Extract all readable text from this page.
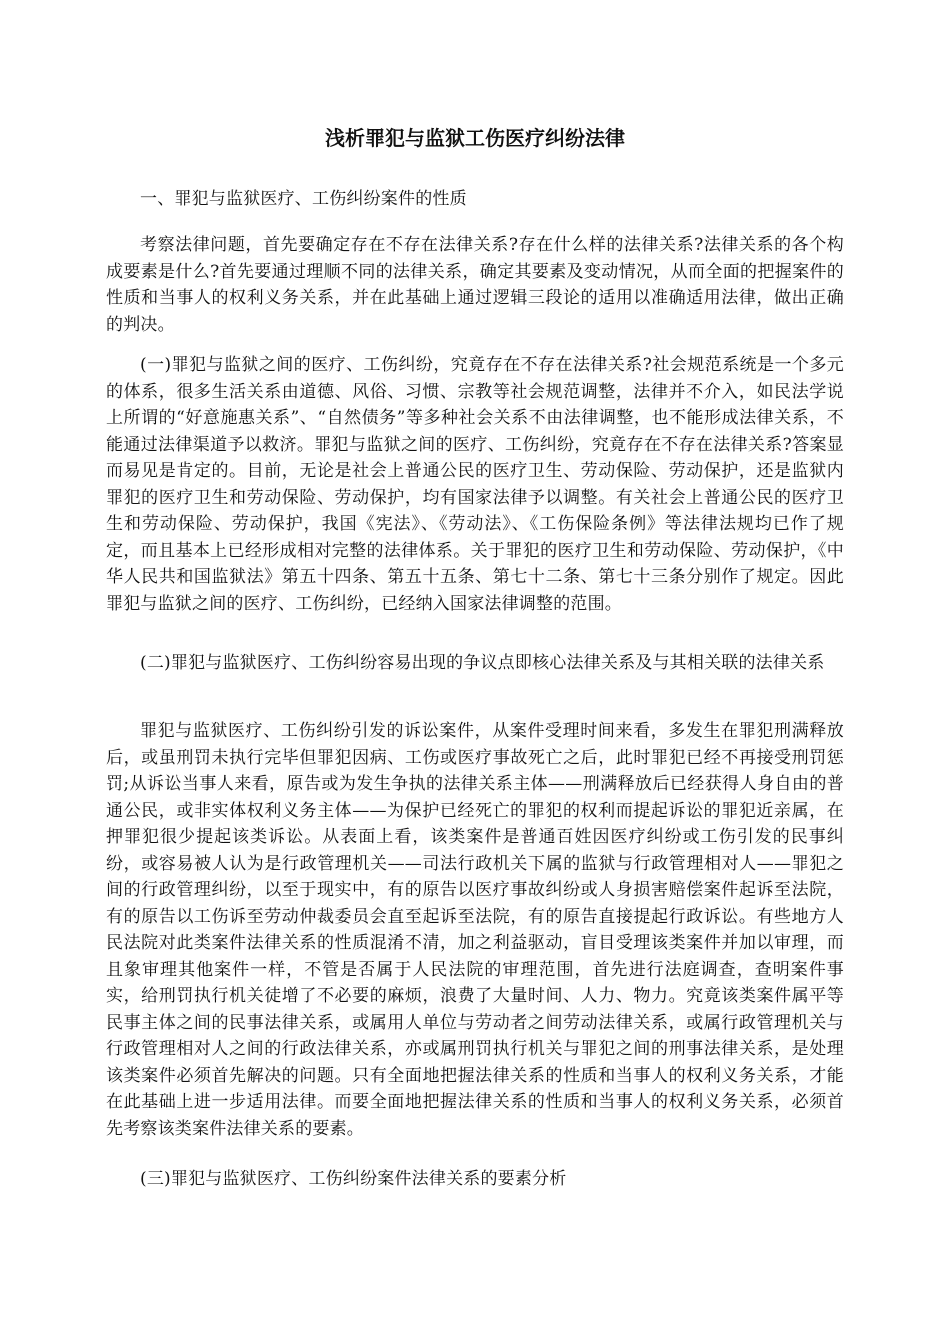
浅析罪犯与监狱工伤医疗纠纷法律

一、罪犯与监狱医疗、工伤纠纷案件的性质

考察法律问题，首先要确定存在不存在法律关系?存在什么样的法律关系?法律关系的各个构成要素是什么?首先要通过理顺不同的法律关系，确定其要素及变动情况，从而全面的把握案件的性质和当事人的权利义务关系，并在此基础上通过逻辑三段论的适用以准确适用法律，做出正确的判决。

(一)罪犯与监狱之间的医疗、工伤纠纷，究竟存在不存在法律关系?社会规范系统是一个多元的体系，很多生活关系由道德、风俗、习惯、宗教等社会规范调整，法律并不介入，如民法学说上所谓的“好意施惠关系”、“自然债务”等多种社会关系不由法律调整，也不能形成法律关系，不能通过法律渠道予以救济。罪犯与监狱之间的医疗、工伤纠纷，究竟存在不存在法律关系?答案显而易见是肯定的。目前，无论是社会上普通公民的医疗卫生、劳动保险、劳动保护，还是监狱内罪犯的医疗卫生和劳动保险、劳动保护，均有国家法律予以调整。有关社会上普通公民的医疗卫生和劳动保险、劳动保护，我国《宪法》、《劳动法》、《工伤保险条例》等法律法规均已作了规定，而且基本上已经形成相对完整的法律体系。关于罪犯的医疗卫生和劳动保险、劳动保护，《中华人民共和国监狱法》第五十四条、第五十五条、第七十二条、第七十三条分别作了规定。因此罪犯与监狱之间的医疗、工伤纠纷，已经纳入国家法律调整的范围。

(二)罪犯与监狱医疗、工伤纠纷容易出现的争议点即核心法律关系及与其相关联的法律关系

罪犯与监狱医疗、工伤纠纷引发的诉讼案件，从案件受理时间来看，多发生在罪犯刑满释放后，或虽刑罚未执行完毕但罪犯因病、工伤或医疗事故死亡之后，此时罪犯已经不再接受刑罚惩罚;从诉讼当事人来看，原告或为发生争执的法律关系主体——刑满释放后已经获得人身自由的普通公民，或非实体权利义务主体——为保护已经死亡的罪犯的权利而提起诉讼的罪犯近亲属，在押罪犯很少提起该类诉讼。从表面上看，该类案件是普通百姓因医疗纠纷或工伤引发的民事纠纷，或容易被人认为是行政管理机关——司法行政机关下属的监狱与行政管理相对人——罪犯之间的行政管理纠纷，以至于现实中，有的原告以医疗事故纠纷或人身损害赔偿案件起诉至法院，有的原告以工伤诉至劳动仲裁委员会直至起诉至法院，有的原告直接提起行政诉讼。有些地方人民法院对此类案件法律关系的性质混淆不清，加之利益驱动，盲目受理该类案件并加以审理，而且象审理其他案件一样，不管是否属于人民法院的审理范围，首先进行法庭调查，查明案件事实，给刑罚执行机关徒增了不必要的麻烦，浪费了大量时间、人力、物力。究竟该类案件属平等民事主体之间的民事法律关系，或属用人单位与劳动者之间劳动法律关系，或属行政管理机关与行政管理相对人之间的行政法律关系，亦或属刑罚执行机关与罪犯之间的刑事法律关系，是处理该类案件必须首先解决的问题。只有全面地把握法律关系的性质和当事人的权利义务关系，才能在此基础上进一步适用法律。而要全面地把握法律关系的性质和当事人的权利义务关系，必须首先考察该类案件法律关系的要素。

(三)罪犯与监狱医疗、工伤纠纷案件法律关系的要素分析
